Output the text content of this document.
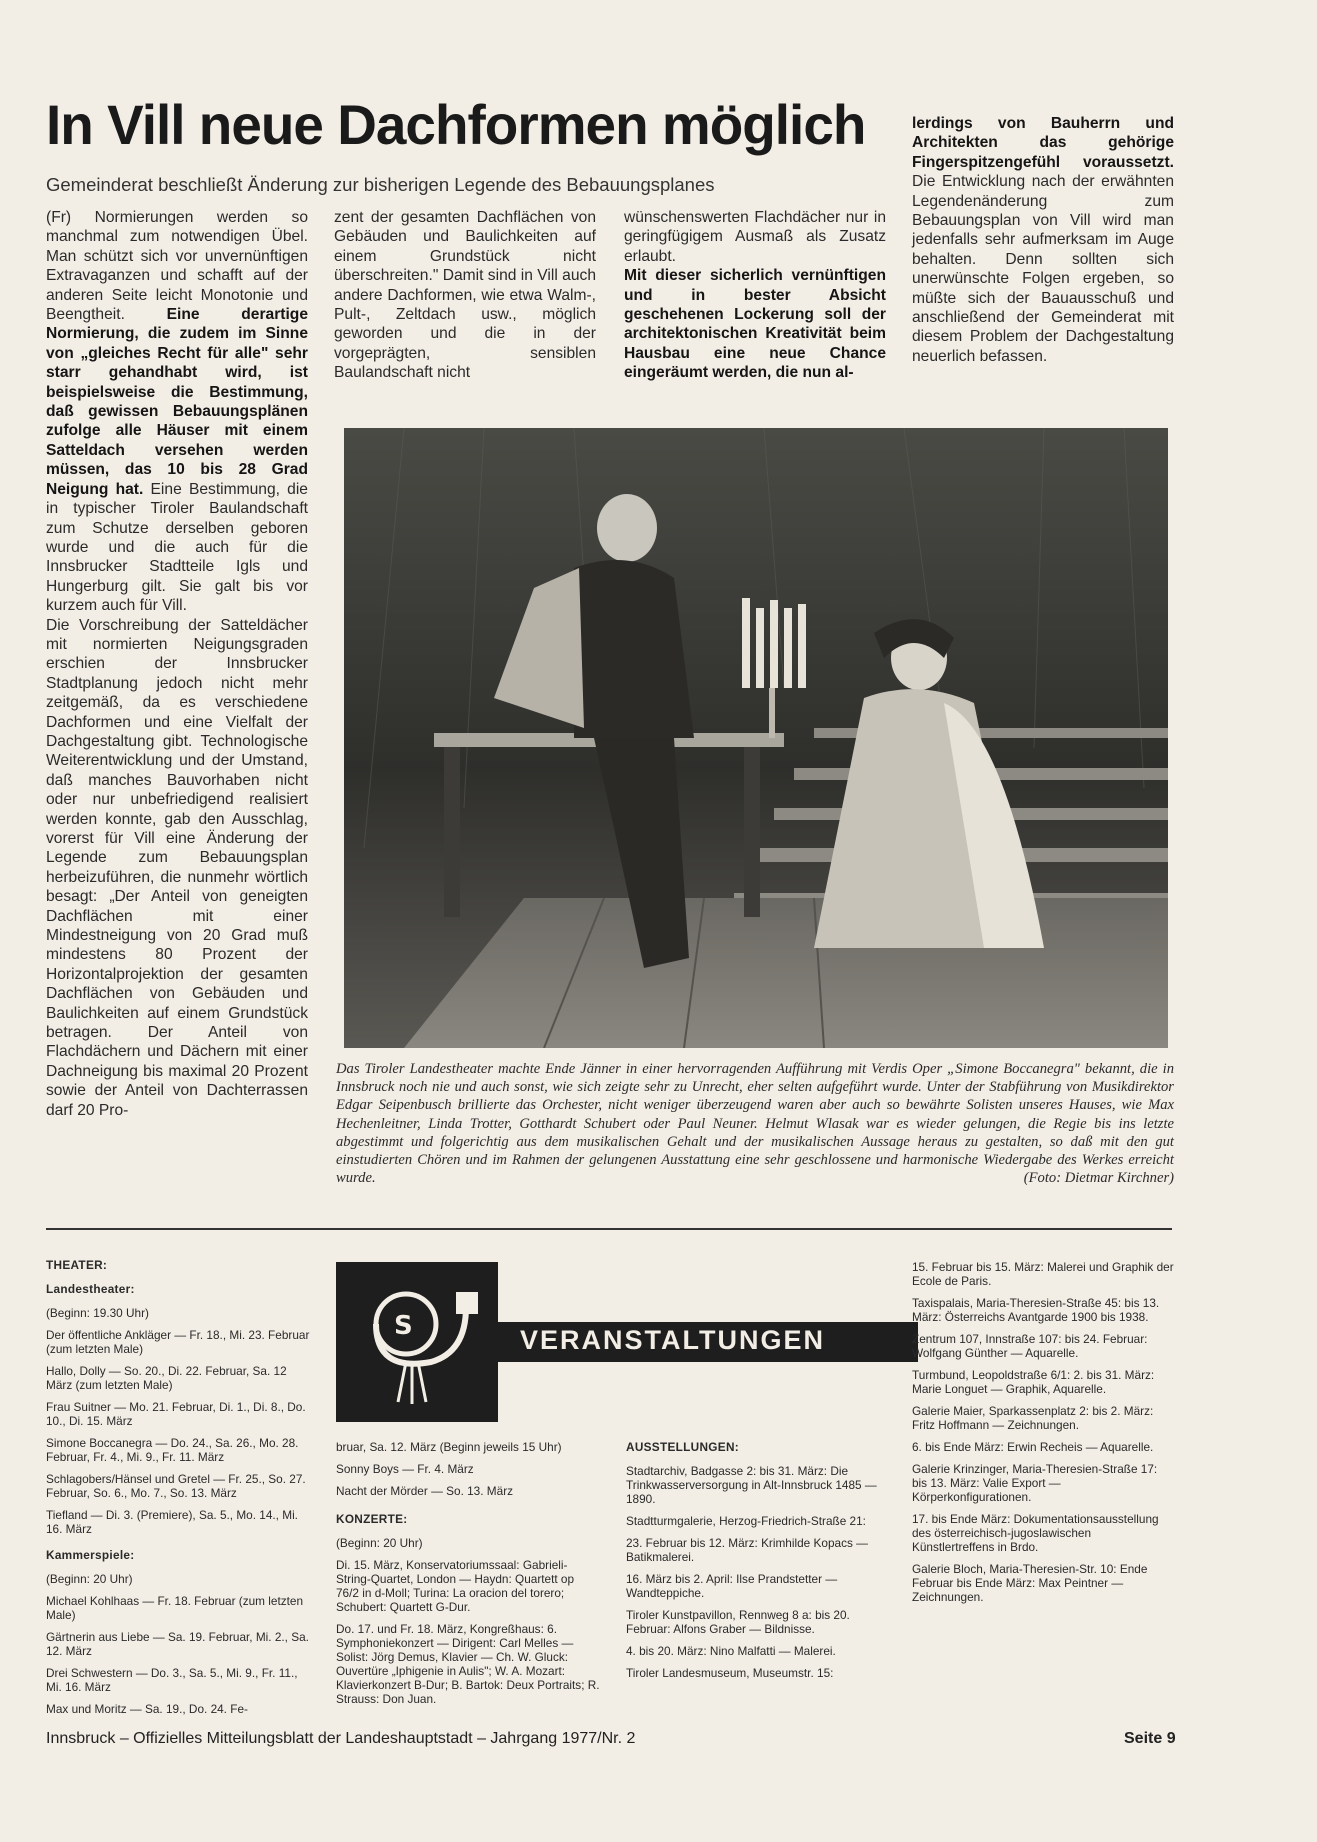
In Vill neue Dachformen möglich
Gemeinderat beschließt Änderung zur bisherigen Legende des Bebauungsplanes

(Fr) Normierungen werden so manchmal zum notwendigen Übel. Man schützt sich vor unvernünftigen Extravaganzen und schafft auf der anderen Seite leicht Monotonie und Beengtheit.	Eine derartige Normierung, die zudem im Sinne von „gleiches Recht für alle" sehr starr gehandhabt wird, ist beispielsweise die Bestimmung, daß gewissen Bebauungsplänen zufolge alle Häuser mit einem Satteldach versehen werden müssen, das 10 bis 28 Grad Neigung hat. Eine Bestimmung, die in typischer Tiroler Baulandschaft zum Schutze derselben geboren wurde und die auch für die Innsbrucker Stadtteile Igls und Hungerburg gilt. Sie galt bis vor kurzem auch für Vill.

Die Vorschreibung der Satteldächer mit normierten Neigungsgraden erschien der Innsbrucker Stadtplanung jedoch nicht mehr zeitgemäß, da es verschiedene Dachformen und eine Vielfalt der Dachgestaltung gibt. Technologische Weiterentwicklung und der Umstand, daß manches Bauvorhaben nicht oder nur unbefriedigend realisiert werden konnte, gab den Ausschlag, vorerst für Vill eine Änderung der Legende zum Bebauungsplan herbeizuführen, die nunmehr wörtlich besagt: „Der Anteil von geneigten Dachflächen mit einer Mindestneigung von 20 Grad muß mindestens 80 Prozent der Horizontalprojektion der gesamten Dachflächen von Gebäuden und Baulichkeiten auf einem Grundstück betragen. Der Anteil von Flachdächern und Dächern mit einer Dachneigung bis maximal 20 Prozent sowie der Anteil von Dachterrassen darf 20 Pro-

zent der gesamten Dachflächen von Gebäuden und Baulichkeiten auf einem Grundstück nicht überschreiten." Damit sind in Vill auch andere Dachformen, wie etwa Walm-, Pult-, Zeltdach usw., möglich geworden und die in der vorgeprägten, sensiblen Baulandschaft nicht

wünschenswerten Flachdächer nur in geringfügigem Ausmaß als Zusatz erlaubt.

Mit dieser sicherlich vernünftigen und in bester Absicht geschehenen Lockerung soll der architektonischen Kreativität beim Hausbau eine neue Chance eingeräumt werden, die nun al-

lerdings von Bauherrn und Architekten das gehörige Fingerspitzengefühl voraussetzt. Die Entwicklung nach der erwähnten Legendenänderung zum Bebauungsplan von Vill wird man jedenfalls sehr aufmerksam im Auge behalten. Denn sollten sich unerwünschte Folgen ergeben, so müßte sich der Bauausschuß und anschließend der Gemeinderat mit diesem Problem der Dachgestaltung neuerlich befassen.

Das Tiroler Landestheater machte Ende Jänner in einer hervorragenden Aufführung mit Verdis Oper „Simone Boccanegra" bekannt, die in Innsbruck noch nie und auch sonst, wie sich zeigte sehr zu Unrecht, eher selten aufgeführt wurde. Unter der Stabführung von Musikdirektor Edgar Seipenbusch brillierte das Orchester, nicht weniger überzeugend waren aber auch so bewährte Solisten unseres Hauses, wie Max Hechenleitner, Linda Trotter, Gotthardt Schubert oder Paul Neuner. Helmut Wlasak war es wieder gelungen, die Regie bis ins letzte abgestimmt und folgerichtig aus dem musikalischen Gehalt und der musikalischen Aussage heraus zu gestalten, so daß mit den gut einstudierten Chören und im Rahmen der gelungenen Ausstattung eine sehr geschlossene und harmonische Wiedergabe des Werkes erreicht wurde.	(Foto: Dietmar Kirchner)
THEATER:
Landestheater:
(Beginn: 19.30 Uhr)
Der öffentliche Ankläger — Fr. 18., Mi. 23. Februar (zum letzten Male)
Hallo, Dolly — So. 20., Di. 22. Februar, Sa. 12 März (zum letzten Male)
Frau Suitner — Mo. 21. Februar, Di. 1., Di. 8., Do. 10., Di. 15. März
Simone Boccanegra — Do. 24., Sa. 26., Mo. 28. Februar, Fr. 4., Mi. 9., Fr. 11. März
Schlagobers/Hänsel und Gretel — Fr. 25., So. 27. Februar, So. 6., Mo. 7., So. 13. März
Tiefland — Di. 3. (Premiere), Sa. 5., Mo. 14., Mi. 16. März
Kammerspiele:
(Beginn: 20 Uhr)
Michael Kohlhaas — Fr. 18. Februar (zum letzten Male)
Gärtnerin aus Liebe — Sa. 19. Februar, Mi. 2., Sa. 12. März
Drei Schwestern — Do. 3., Sa. 5., Mi. 9., Fr. 11., Mi. 16. März
Max und Moritz — Sa. 19., Do. 24. Fe-
S	VERANSTALTUNGEN
bruar, Sa. 12. März (Beginn jeweils 15 Uhr)
Sonny Boys — Fr. 4. März
Nacht der Mörder — So. 13. März
KONZERTE:
(Beginn: 20 Uhr)
Di. 15. März, Konservatoriumssaal: Gabrieli-String-Quartet, London — Haydn: Quartett op 76/2 in d-Moll; Turina: La oracion del torero; Schubert: Quartett G-Dur.
Do. 17. und Fr. 18. März, Kongreßhaus: 6. Symphoniekonzert — Dirigent: Carl Melles — Solist: Jörg Demus, Klavier — Ch. W. Gluck: Ouvertüre „Iphigenie in Aulis"; W. A. Mozart: Klavierkonzert B-Dur; B. Bartok: Deux Portraits; R. Strauss: Don Juan.
AUSSTELLUNGEN:
Stadtarchiv, Badgasse 2: bis 31. März: Die Trinkwasserversorgung in Alt-Innsbruck 1485 — 1890.
Stadtturmgalerie, Herzog-Friedrich-Straße 21:
23. Februar bis 12. März: Krimhilde Kopacs — Batikmalerei.
16. März bis 2. April: Ilse Prandstetter — Wandteppiche.
Tiroler Kunstpavillon, Rennweg 8 a: bis 20. Februar: Alfons Graber — Bildnisse.
4. bis 20. März: Nino Malfatti — Malerei.
Tiroler Landesmuseum, Museumstr. 15:
15. Februar bis 15. März: Malerei und Graphik der Ecole de Paris.
Taxispalais, Maria-Theresien-Straße 45: bis 13. März: Österreichs Avantgarde 1900 bis 1938.
Zentrum 107, Innstraße 107: bis 24. Februar: Wolfgang Günther — Aquarelle.
Turmbund, Leopoldstraße 6/1: 2. bis 31. März: Marie Longuet — Graphik, Aquarelle.
Galerie Maier, Sparkassenplatz 2: bis 2. März: Fritz Hoffmann — Zeichnungen.
6. bis Ende März: Erwin Recheis — Aquarelle.
Galerie Krinzinger, Maria-Theresien-Straße 17: bis 13. März: Valie Export — Körperkonfigurationen.
17. bis Ende März: Dokumentationsausstellung des österreichisch-jugoslawischen Künstlertreffens in Brdo.
Galerie Bloch, Maria-Theresien-Str. 10: Ende Februar bis Ende März: Max Peintner — Zeichnungen.
Innsbruck – Offizielles Mitteilungsblatt der Landeshauptstadt – Jahrgang 1977/Nr. 2	Seite 9
